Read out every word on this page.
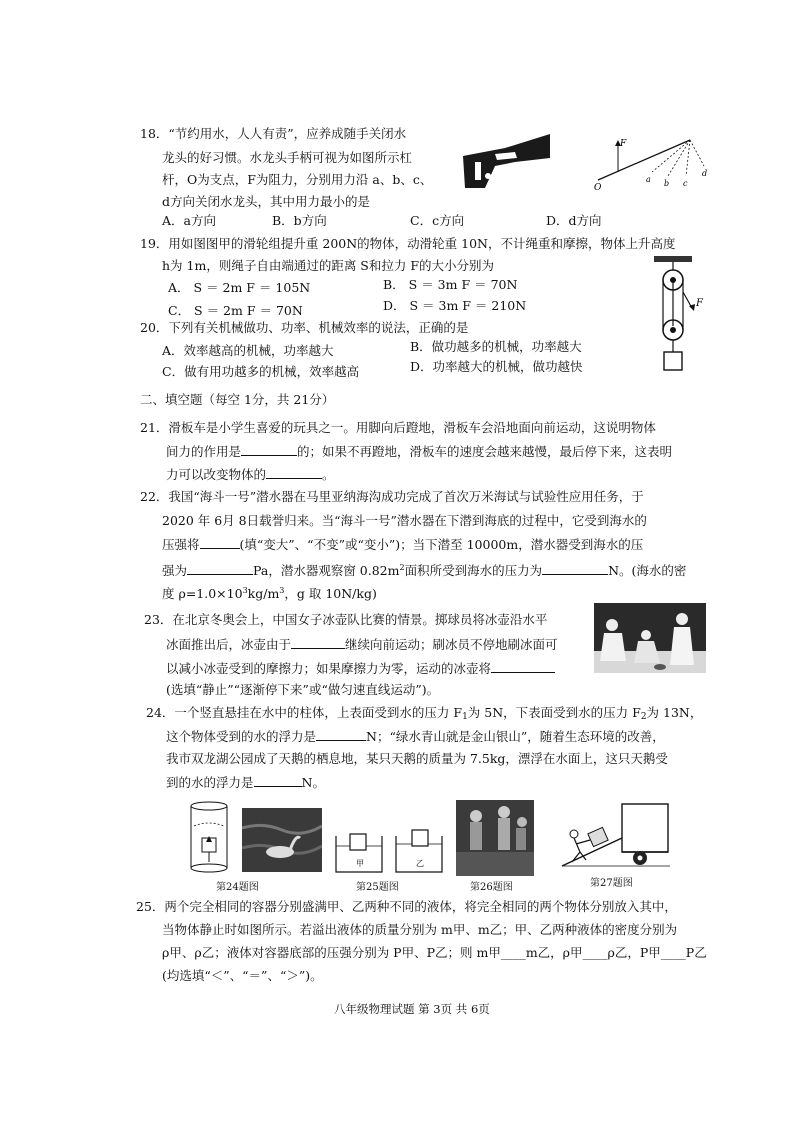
18．“节约用水，人人有责”，应养成随手关闭水
龙头的好习惯。水龙头手柄可视为如图所示杠
杆，O为支点，F为阻力，分别用力沿 a、b、c、
d方向关闭水龙头，其中用力最小的是
A．a方向	B．b方向	C．c方向	D．d方向
F
O
a b c
d
19．用如图图甲的滑轮组提升重 200N的物体，动滑轮重 10N，不计绳重和摩擦，物体上升高度
h为 1m，则绳子自由端通过的距离 S和拉力 F的大小分别为
A． S ＝ 2m F ＝ 105N	B． S ＝ 3m F ＝ 70N
C． S ＝ 2m F ＝ 70N	D． S ＝ 3m F ＝ 210N	F
20．下列有关机械做功、功率、机械效率的说法，正确的是
A．效率越高的机械，功率越大	B．做功越多的机械，功率越大
C．做有用功越多的机械，效率越高	D．功率越大的机械，做功越快
二、填空题（每空 1分，共 21分）
21．滑板车是小学生喜爱的玩具之一。用脚向后蹬地，滑板车会沿地面向前运动，这说明物体
间力的作用是	的；如果不再蹬地，滑板车的速度会越来越慢，最后停下来，这表明
力可以改变物体的	。
22．我国“海斗一号”潜水器在马里亚纳海沟成功完成了首次万米海试与试验性应用任务，于
2020 年 6月 8日载誉归来。当“海斗一号”潜水器在下潜到海底的过程中，它受到海水的
压强将	(填“变大”、“不变”或“变小”)；当下潜至 10000m，潜水器受到海水的压
强为	Pa，潜水器观察窗 $0.82m^2$面积所受到海水的压力为	N。(海水的密
度 $\rho=1.0\times 10^3kg/m^3$，g 取 10N/kg)
23．在北京冬奥会上，中国女子冰壶队比赛的情景。掷球员将冰壶沿水平
冰面推出后，冰壶由于	继续向前运动；刷冰员不停地刷冰面可
以减小冰壶受到的摩擦力；如果摩擦力为零，运动的冰壶将
(选填“静止”“逐渐停下来”或“做匀速直线运动”)。
24．一个竖直悬挂在水中的柱体，上表面受到水的压力 $F_1$为 5N，下表面受到水的压力 $F_2$为 13N，
这个物体受到的水的浮力是	N；“绿水青山就是金山银山”，随着生态环境的改善，
我市双龙湖公园成了天鹅的栖息地，某只天鹅的质量为 7.5kg，漂浮在水面上，这只天鹅受
到的水的浮力是	N。
第24题图
甲	乙
第25题图	第26题图	第27题图
25．两个完全相同的容器分别盛满甲、乙两种不同的液体，将完全相同的两个物体分别放入其中，
当物体静止时如图所示。若溢出液体的质量分别为 m甲、m乙；甲、乙两种液体的密度分别为
ρ甲、ρ乙；液体对容器底部的压强分别为 P甲、P乙；则 m甲____m乙，ρ甲____ρ乙，P甲____P乙
(均选填“＜”、“＝”、“＞”)。
八年级物理试题 第 3页 共 6页
